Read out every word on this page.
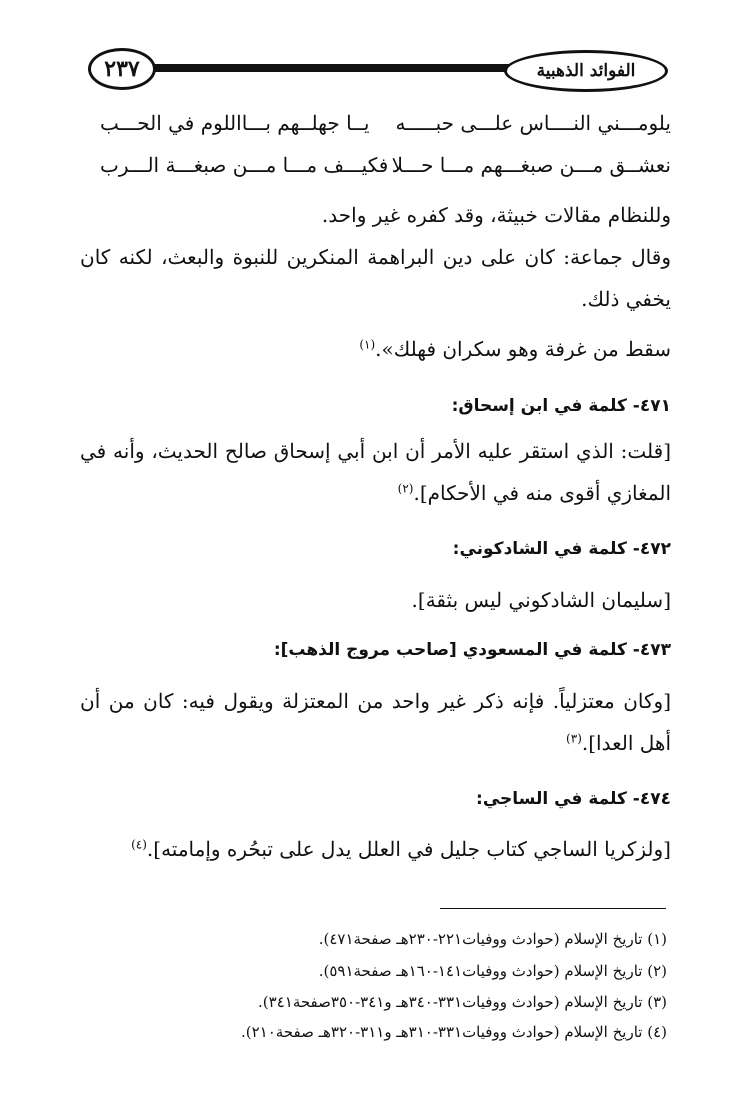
٢٣٧	الفوائد الذهبية
يلومـــني النــــاس علـــى حبـــــه
يــا جهلــهم بـــااللوم في الحـــب
نعشــق مـــن صبغـــهم مـــا حـــلا
فكيـــف مـــا مـــن صبغـــة الـــرب
وللنظام مقالات خبيثة، وقد كفره غير واحد.
وقال جماعة: كان على دين البراهمة المنكرين للنبوة والبعث، لكنه كان
يخفي ذلك.
سقط من غرفة وهو سكران فهلك».$^{(١)}$
٤٧١- كلمة في ابن إسحاق:
[قلت: الذي استقر عليه الأمر أن ابن أبي إسحاق صالح الحديث، وأنه في
المغازي أقوى منه في الأحكام].$^{(٢)}$
٤٧٢- كلمة في الشادكوني:
[سليمان الشادكوني ليس بثقة].
٤٧٣- كلمة في المسعودي [صاحب مروج الذهب]:
[وكان معتزلياً. فإنه ذكر غير واحد من المعتزلة ويقول فيه: كان من أن
أهل العدا].$^{(٣)}$
٤٧٤- كلمة في الساجي:
[ولزكريا الساجي كتاب جليل في العلل يدل على تبحُره وإمامته].$^{(٤)}$
(١) تاريخ الإسلام (حوادث ووفيات٢٢١-٢٣٠هـ صفحة٤٧١).
(٢) تاريخ الإسلام (حوادث ووفيات١٤١-١٦٠هـ صفحة٥٩١).
(٣) تاريخ الإسلام (حوادث ووفيات٣٣١-٣٤٠هـ و٣٤١-٣٥٠صفحة٣٤١).
(٤) تاريخ الإسلام (حوادث ووفيات٣٣١-٣١٠هـ و٣١١-٣٢٠هـ صفحة٢١٠).
